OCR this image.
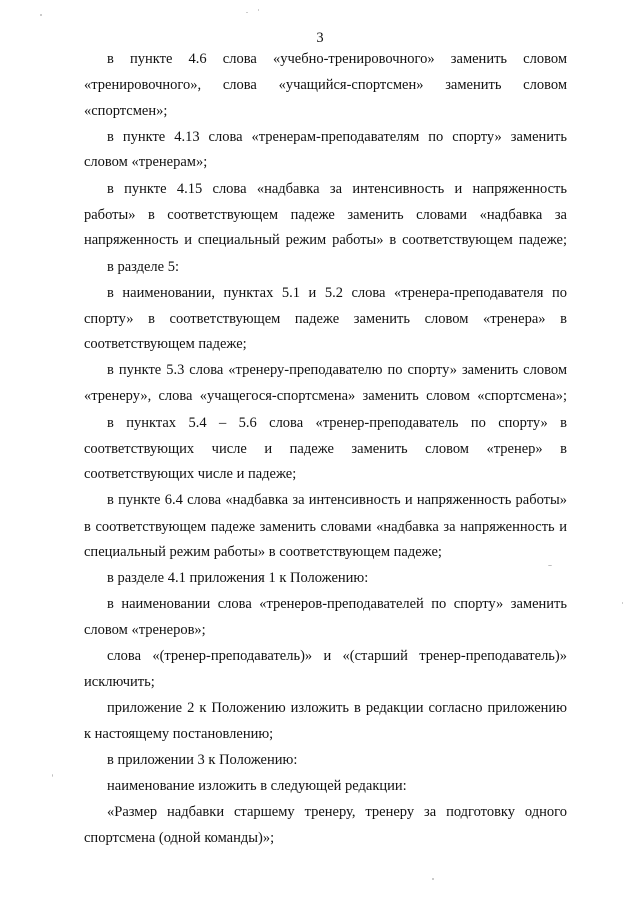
3
в пункте 4.6 слова «учебно-тренировочного» заменить словом
«тренировочного», слова «учащийся-спортсмен» заменить словом
«спортсмен»;
в пункте 4.13 слова «тренерам-преподавателям по спорту» заменить
словом «тренерам»;
в пункте 4.15 слова «надбавка за интенсивность и напряженность
работы» в соответствующем падеже заменить словами «надбавка за
напряженность и специальный режим работы» в соответствующем падеже;
в разделе 5:
в наименовании, пунктах 5.1 и 5.2 слова «тренера-преподавателя по
спорту» в соответствующем падеже заменить словом «тренера» в
соответствующем падеже;
в пункте 5.3 слова «тренеру-преподавателю по спорту» заменить словом
«тренеру», слова «учащегося-спортсмена» заменить словом «спортсмена»;
в пунктах 5.4 – 5.6 слова «тренер-преподаватель по спорту» в
соответствующих числе и падеже заменить словом «тренер» в
соответствующих числе и падеже;
в пункте 6.4 слова «надбавка за интенсивность и напряженность работы»
в соответствующем падеже заменить словами «надбавка за напряженность и
специальный режим работы» в соответствующем падеже;
в разделе 4.1 приложения 1 к Положению:
в наименовании слова «тренеров-преподавателей по спорту» заменить
словом «тренеров»;
слова «(тренер-преподаватель)» и «(старший тренер-преподаватель)»
исключить;
приложение 2 к Положению изложить в редакции согласно приложению
к настоящему постановлению;
в приложении 3 к Положению:
наименование изложить в следующей редакции:
«Размер надбавки старшему тренеру, тренеру за подготовку одного
спортсмена (одной команды)»;
